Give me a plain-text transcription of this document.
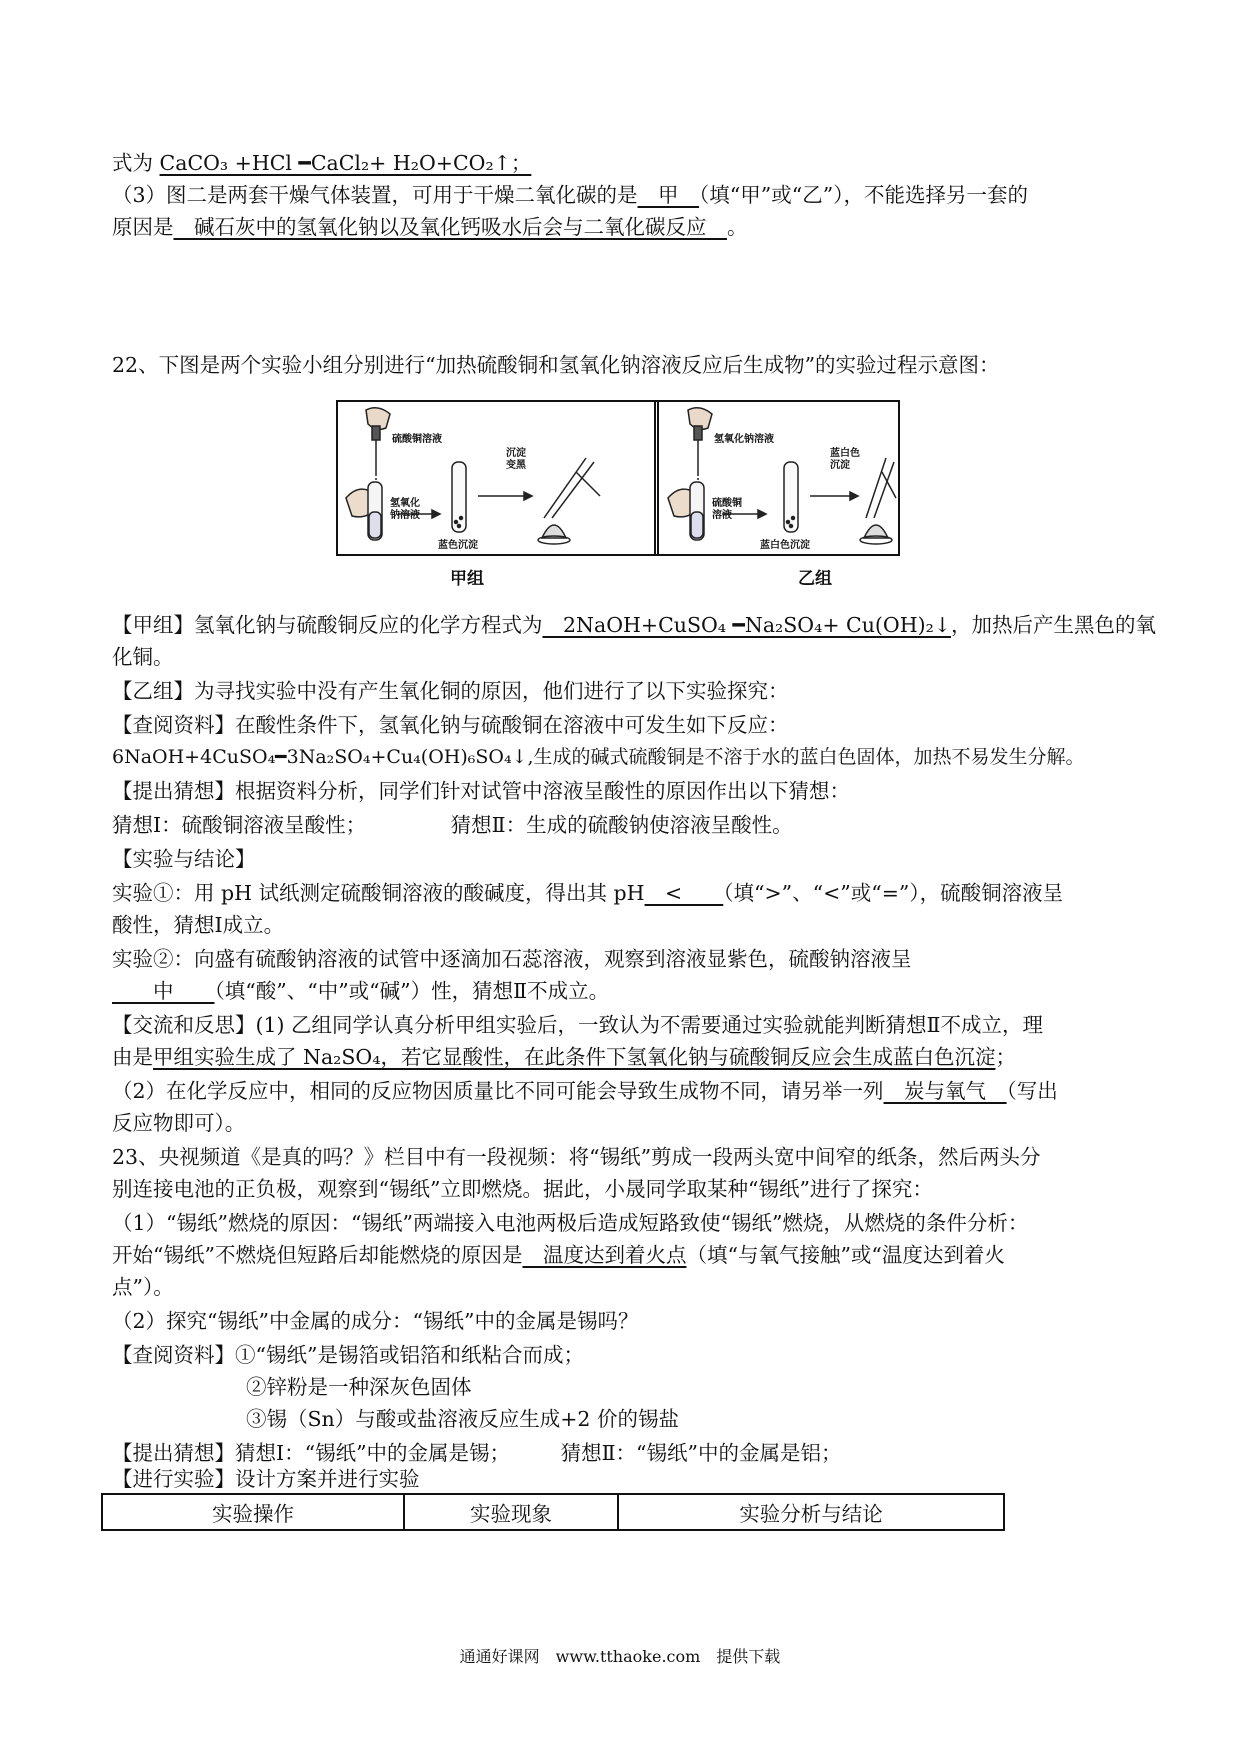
式为 CaCO₃ +HCl ━CaCl₂+ H₂O+CO₂↑；
（3）图二是两套干燥气体装置，可用于干燥二氧化碳的是　甲　（填“甲”或“乙”），不能选择另一套的
原因是　碱石灰中的氢氧化钠以及氧化钙吸水后会与二氧化碳反应　。
22、下图是两个实验小组分别进行“加热硫酸铜和氢氧化钠溶液反应后生成物”的实验过程示意图：
硫酸铜溶液
氢氧化钠溶液
蓝色沉淀
沉淀变黑
氢氧化钠溶液
硫酸铜溶液
蓝白色沉淀
蓝白色沉淀
甲组	乙组
【甲组】氢氧化钠与硫酸铜反应的化学方程式为　2NaOH+CuSO₄ ━Na₂SO₄+ Cu(OH)₂↓，加热后产生黑色的氧
化铜。
【乙组】为寻找实验中没有产生氧化铜的原因，他们进行了以下实验探究：
【查阅资料】在酸性条件下，氢氧化钠与硫酸铜在溶液中可发生如下反应：
6NaOH+4CuSO₄━3Na₂SO₄+Cu₄(OH)₆SO₄↓,生成的碱式硫酸铜是不溶于水的蓝白色固体，加热不易发生分解。
【提出猜想】根据资料分析，同学们针对试管中溶液呈酸性的原因作出以下猜想：
猜想Ⅰ：硫酸铜溶液呈酸性；	猜想Ⅱ：生成的硫酸钠使溶液呈酸性。
【实验与结论】
实验①：用 pH 试纸测定硫酸铜溶液的酸碱度，得出其 pH　<　　（填“>”、“<”或“=”），硫酸铜溶液呈
酸性，猜想Ⅰ成立。
实验②：向盛有硫酸钠溶液的试管中逐滴加石蕊溶液，观察到溶液显紫色，硫酸钠溶液呈
　　中　　（填“酸”、“中”或“碱”）性，猜想Ⅱ不成立。
【交流和反思】(1) 乙组同学认真分析甲组实验后，一致认为不需要通过实验就能判断猜想Ⅱ不成立，理
由是甲组实验生成了 Na₂SO₄，若它显酸性，在此条件下氢氧化钠与硫酸铜反应会生成蓝白色沉淀；
（2）在化学反应中，相同的反应物因质量比不同可能会导致生成物不同，请另举一列　炭与氧气　（写出
反应物即可）。
23、央视频道《是真的吗？》栏目中有一段视频：将“锡纸”剪成一段两头宽中间窄的纸条，然后两头分
别连接电池的正负极，观察到“锡纸”立即燃烧。据此，小晟同学取某种“锡纸”进行了探究：
（1）“锡纸”燃烧的原因：“锡纸”两端接入电池两极后造成短路致使“锡纸”燃烧，从燃烧的条件分析：
开始“锡纸”不燃烧但短路后却能燃烧的原因是　温度达到着火点（填“与氧气接触”或“温度达到着火
点”）。
（2）探究“锡纸”中金属的成分：“锡纸”中的金属是锡吗？
【查阅资料】①“锡纸”是锡箔或铝箔和纸粘合而成；
②锌粉是一种深灰色固体
③锡（Sn）与酸或盐溶液反应生成+2 价的锡盐
【提出猜想】猜想Ⅰ：“锡纸”中的金属是锡； 猜想Ⅱ：“锡纸”中的金属是铝；
【进行实验】设计方案并进行实验
实验操作	实验现象	实验分析与结论
通通好课网　www.tthaoke.com　提供下载
